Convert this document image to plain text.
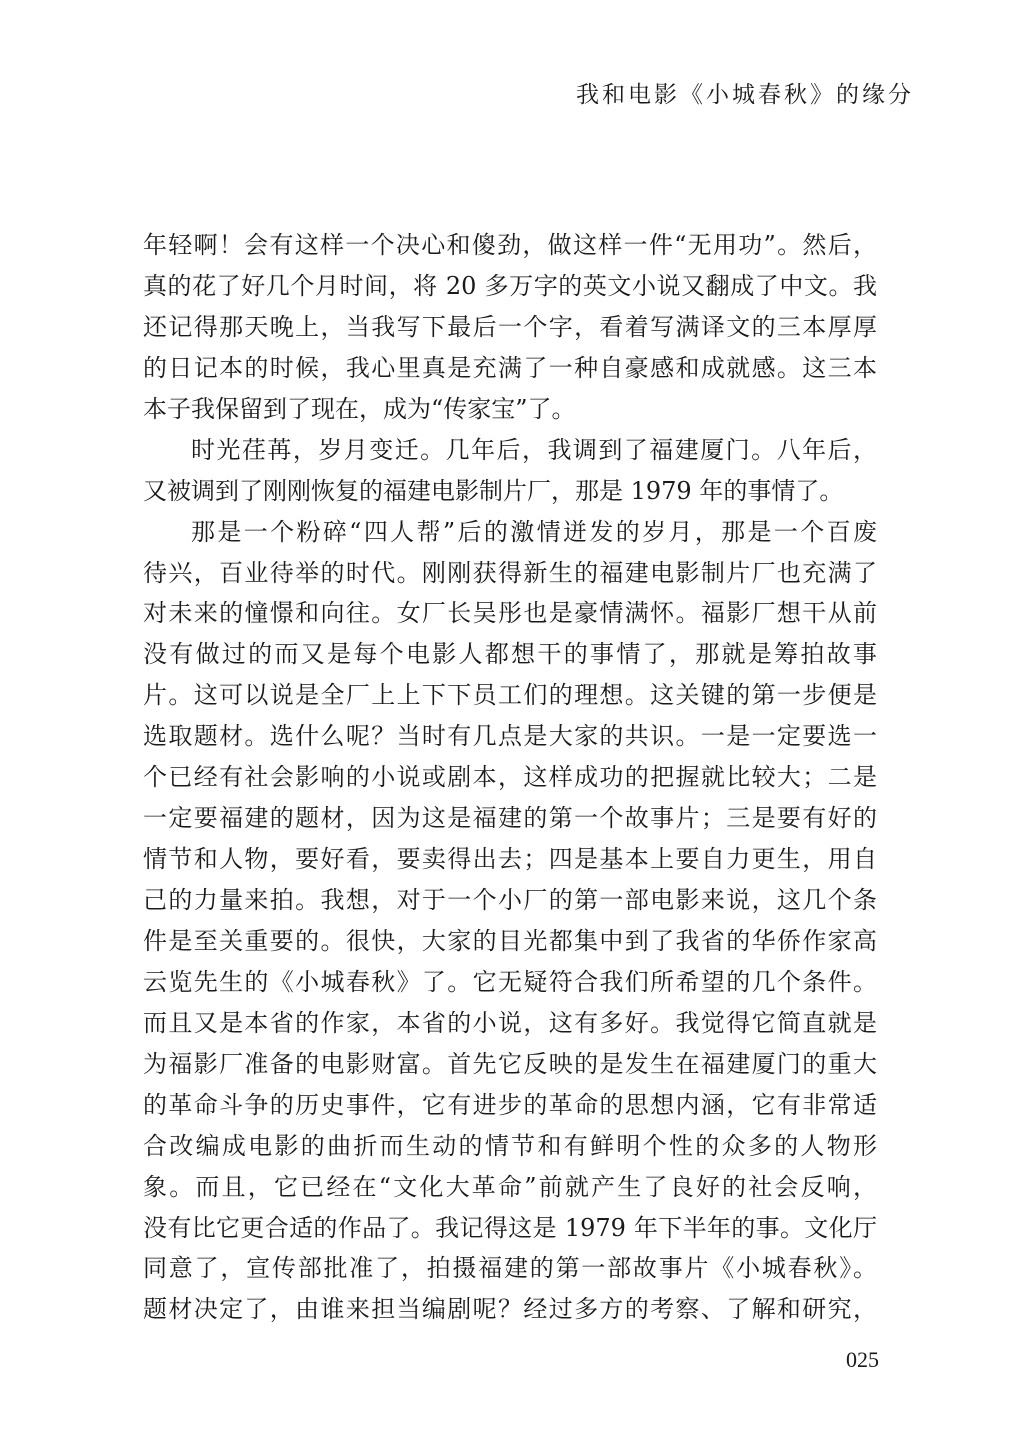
我和电影《小城春秋》的缘分
年轻啊！会有这样一个决心和傻劲，做这样一件“无用功”。然后，
真的花了好几个月时间，将 20 多万字的英文小说又翻成了中文。我
还记得那天晚上，当我写下最后一个字，看着写满译文的三本厚厚
的日记本的时候，我心里真是充满了一种自豪感和成就感。这三本
本子我保留到了现在，成为“传家宝”了。
时光荏苒，岁月变迁。几年后，我调到了福建厦门。八年后，
又被调到了刚刚恢复的福建电影制片厂，那是 1979 年的事情了。
那是一个粉碎“四人帮”后的激情迸发的岁月，那是一个百废
待兴，百业待举的时代。刚刚获得新生的福建电影制片厂也充满了
对未来的憧憬和向往。女厂长吴彤也是豪情满怀。福影厂想干从前
没有做过的而又是每个电影人都想干的事情了，那就是筹拍故事
片。这可以说是全厂上上下下员工们的理想。这关键的第一步便是
选取题材。选什么呢？当时有几点是大家的共识。一是一定要选一
个已经有社会影响的小说或剧本，这样成功的把握就比较大；二是
一定要福建的题材，因为这是福建的第一个故事片；三是要有好的
情节和人物，要好看，要卖得出去；四是基本上要自力更生，用自
己的力量来拍。我想，对于一个小厂的第一部电影来说，这几个条
件是至关重要的。很快，大家的目光都集中到了我省的华侨作家高
云览先生的《小城春秋》了。它无疑符合我们所希望的几个条件。
而且又是本省的作家，本省的小说，这有多好。我觉得它简直就是
为福影厂准备的电影财富。首先它反映的是发生在福建厦门的重大
的革命斗争的历史事件，它有进步的革命的思想内涵，它有非常适
合改编成电影的曲折而生动的情节和有鲜明个性的众多的人物形
象。而且，它已经在“文化大革命”前就产生了良好的社会反响，
没有比它更合适的作品了。我记得这是 1979 年下半年的事。文化厅
同意了，宣传部批准了，拍摄福建的第一部故事片《小城春秋》。
题材决定了，由谁来担当编剧呢？经过多方的考察、了解和研究，
025
